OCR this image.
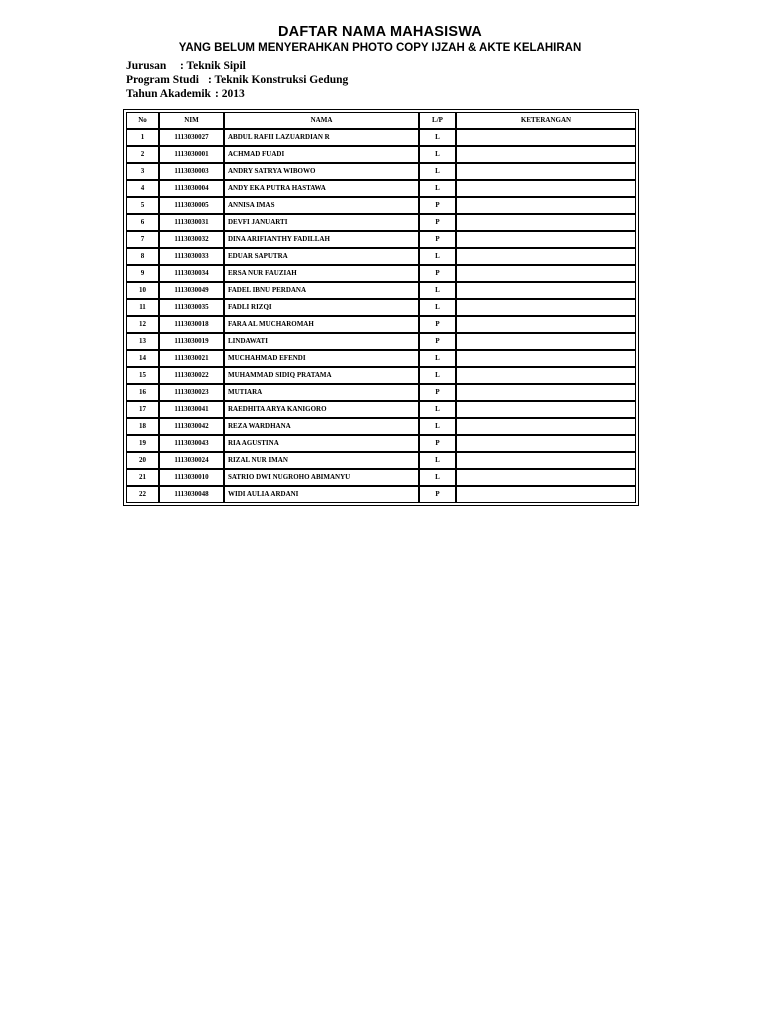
DAFTAR NAMA MAHASISWA
YANG BELUM MENYERAHKAN PHOTO COPY IJZAH & AKTE KELAHIRAN
Jurusan : Teknik Sipil
Program Studi : Teknik Konstruksi Gedung
Tahun Akademik : 2013
No	NIM	NAMA	L/P	KETERANGAN
1	1113030027	ABDUL RAFII LAZUARDIAN R	L	
2	1113030001	ACHMAD FUADI	L	
3	1113030003	ANDRY SATRYA WIBOWO	L	
4	1113030004	ANDY EKA PUTRA HASTAWA	L	
5	1113030005	ANNISA IMAS	P	
6	1113030031	DEVFI JANUARTI	P	
7	1113030032	DINA ARIFIANTHY FADILLAH	P	
8	1113030033	EDUAR SAPUTRA	L	
9	1113030034	ERSA NUR FAUZIAH	P	
10	1113030049	FADEL IBNU PERDANA	L	
11	1113030035	FADLI RIZQI	L	
12	1113030018	FARA AL MUCHAROMAH	P	
13	1113030019	LINDAWATI	P	
14	1113030021	MUCHAHMAD EFENDI	L	
15	1113030022	MUHAMMAD SIDIQ PRATAMA	L	
16	1113030023	MUTIARA	P	
17	1113030041	RAEDHITA ARYA KANIGORO	L	
18	1113030042	REZA WARDHANA	L	
19	1113030043	RIA AGUSTINA	P	
20	1113030024	RIZAL NUR IMAN	L	
21	1113030010	SATRIO DWI NUGROHO ABIMANYU	L	
22	1113030048	WIDI AULIA ARDANI	P	
